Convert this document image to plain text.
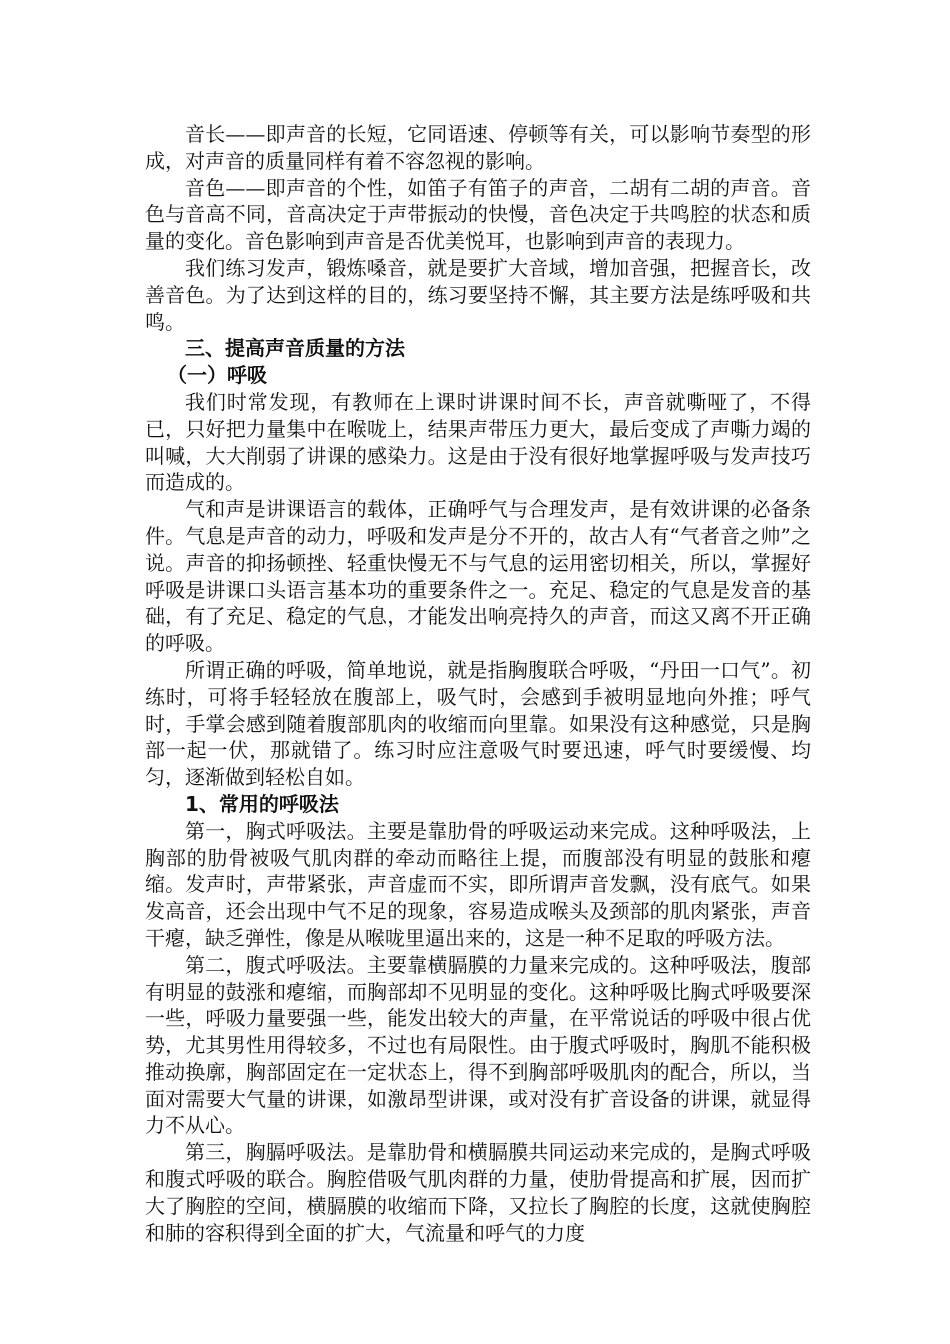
音长——即声音的长短，它同语速、停顿等有关，可以影响节奏型的形成，对声音的质量同样有着不容忽视的影响。

音色——即声音的个性，如笛子有笛子的声音，二胡有二胡的声音。音色与音高不同，音高决定于声带振动的快慢，音色决定于共鸣腔的状态和质量的变化。音色影响到声音是否优美悦耳，也影响到声音的表现力。

我们练习发声，锻炼嗓音，就是要扩大音域，增加音强，把握音长，改善音色。为了达到这样的目的，练习要坚持不懈，其主要方法是练呼吸和共鸣。

三、提高声音质量的方法

（一）呼吸

我们时常发现，有教师在上课时讲课时间不长，声音就嘶哑了，不得已，只好把力量集中在喉咙上，结果声带压力更大，最后变成了声嘶力竭的叫喊，大大削弱了讲课的感染力。这是由于没有很好地掌握呼吸与发声技巧而造成的。

气和声是讲课语言的载体，正确呼气与合理发声，是有效讲课的必备条件。气息是声音的动力，呼吸和发声是分不开的，故古人有“气者音之帅”之说。声音的抑扬顿挫、轻重快慢无不与气息的运用密切相关，所以，掌握好呼吸是讲课口头语言基本功的重要条件之一。充足、稳定的气息是发音的基础，有了充足、稳定的气息，才能发出响亮持久的声音，而这又离不开正确的呼吸。

所谓正确的呼吸，简单地说，就是指胸腹联合呼吸，“丹田一口气”。初练时，可将手轻轻放在腹部上，吸气时，会感到手被明显地向外推；呼气时，手掌会感到随着腹部肌肉的收缩而向里靠。如果没有这种感觉，只是胸部一起一伏，那就错了。练习时应注意吸气时要迅速，呼气时要缓慢、均匀，逐渐做到轻松自如。

1、常用的呼吸法

第一，胸式呼吸法。主要是靠肋骨的呼吸运动来完成。这种呼吸法，上胸部的肋骨被吸气肌肉群的牵动而略往上提，而腹部没有明显的鼓胀和瘪缩。发声时，声带紧张，声音虚而不实，即所谓声音发飘，没有底气。如果发高音，还会出现中气不足的现象，容易造成喉头及颈部的肌肉紧张，声音干瘪，缺乏弹性，像是从喉咙里逼出来的，这是一种不足取的呼吸方法。

第二，腹式呼吸法。主要靠横膈膜的力量来完成的。这种呼吸法，腹部有明显的鼓涨和瘪缩，而胸部却不见明显的变化。这种呼吸比胸式呼吸要深一些，呼吸力量要强一些，能发出较大的声量，在平常说话的呼吸中很占优势，尤其男性用得较多，不过也有局限性。由于腹式呼吸时，胸肌不能积极推动换廓，胸部固定在一定状态上，得不到胸部呼吸肌肉的配合，所以，当面对需要大气量的讲课，如激昂型讲课，或对没有扩音设备的讲课，就显得力不从心。

第三，胸膈呼吸法。是靠肋骨和横膈膜共同运动来完成的，是胸式呼吸和腹式呼吸的联合。胸腔借吸气肌肉群的力量，使肋骨提高和扩展，因而扩大了胸腔的空间，横膈膜的收缩而下降，又拉长了胸腔的长度，这就使胸腔和肺的容积得到全面的扩大，气流量和呼气的力度
